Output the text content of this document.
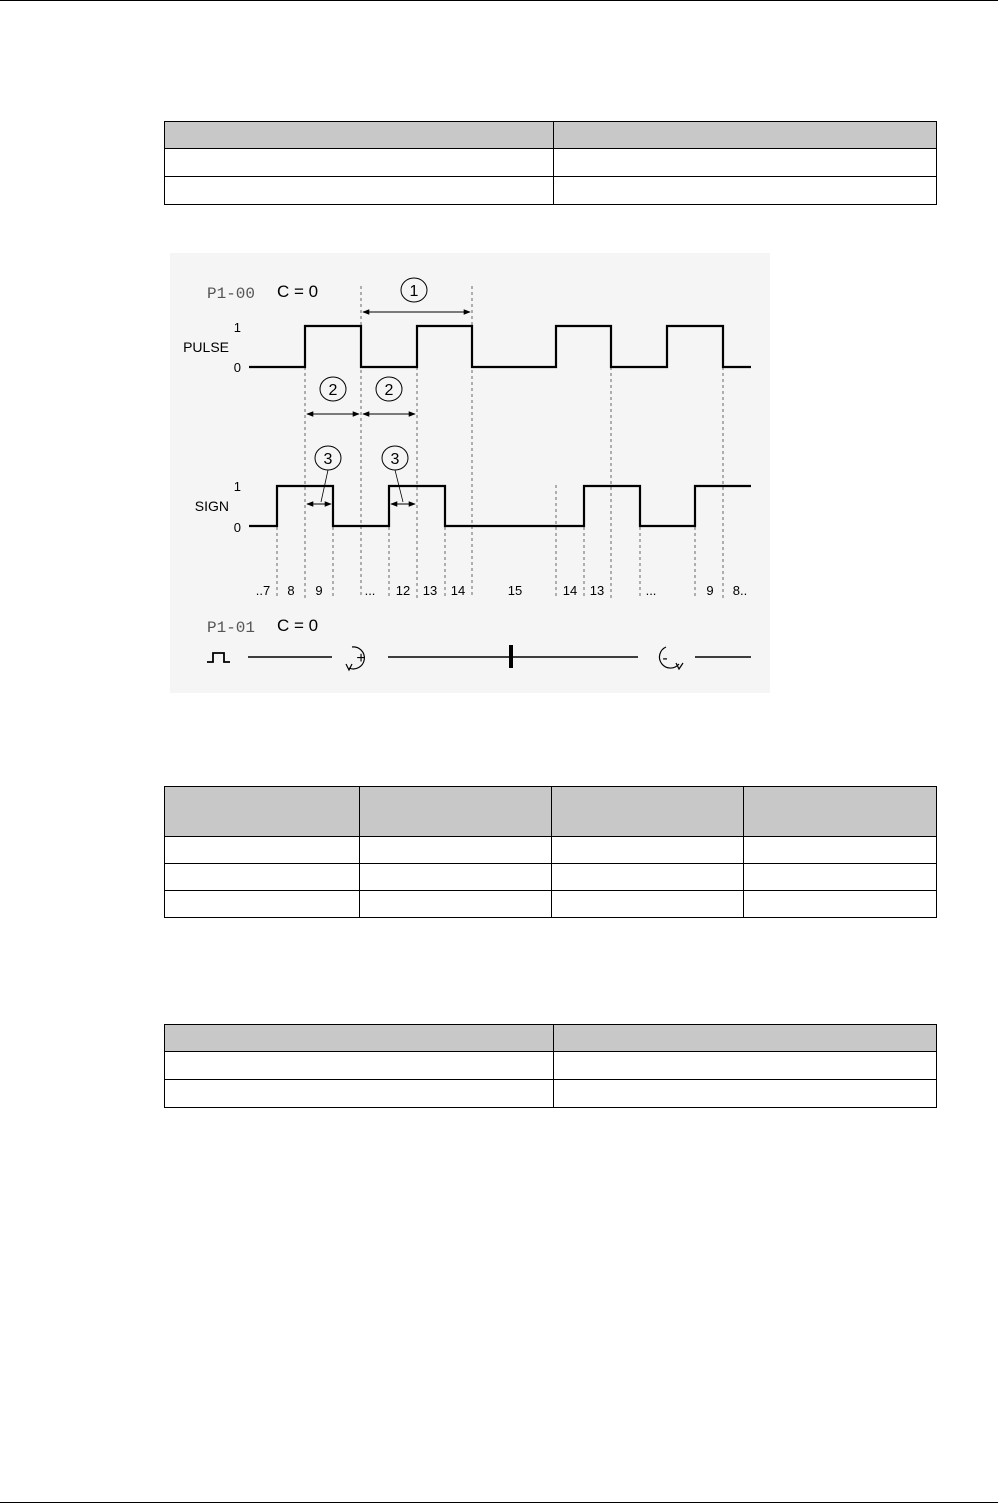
P1-00 C = 0
1
PULSE
0
1
2	2
3	3
1
SIGN
0
..7 8 9	... 12 13 14	15	14 13	...	9 8..
P1-01 C = 0
+	-
